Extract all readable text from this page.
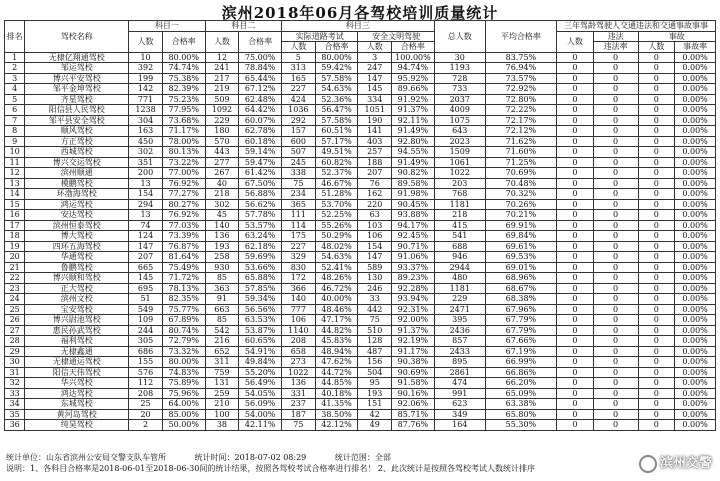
滨州2018年06月各驾校培训质量统计
排名	驾校名称	科目一		科目二		科目三				总人数	平均合格率	三年驾龄驾驶人交通违法和交通事故事事			
		人数	合格率	人数	合格率	实际道路考试		安全文明驾驶				人数	违法	事故	
						人数	合格率	人数	合格率				违法率	人数	事故率
1	无棣亿翔通驾校	10	80.00%	12	75.00%	5	80.00%	3	100.00%	30	83.75%	0	0	0	0.00%
2	邹运驾校	392	74.74%	241	78.84%	313	59.42%	247	94.74%	1193	76.94%	0	0	0	0.00%
3	博兴平安驾校	199	75.38%	217	65.44%	165	57.58%	147	95.92%	728	73.57%	0	0	0	0.00%
4	邹平金坤驾校	142	82.39%	219	67.12%	227	54.63%	145	89.66%	733	72.92%	0	0	0	0.00%
5	齐星驾校	771	75.23%	509	62.48%	424	52.36%	334	91.92%	2037	72.80%	0	0	0	0.00%
6	阳信县人民驾校	1238	77.95%	1092	64.42%	1036	56.47%	1051	91.37%	4009	72.22%	0	0	0	0.00%
7	邹平县安全驾校	304	73.68%	229	60.07%	292	57.58%	190	92.11%	1075	72.17%	0	0	0	0.00%
8	顺风驾校	163	71.17%	180	62.78%	157	60.51%	141	91.49%	643	72.12%	0	0	0	0.00%
9	方正驾校	450	78.00%	570	60.18%	600	57.17%	403	92.80%	2023	71.62%	0	0	0	0.00%
10	西城驾校	302	80.13%	443	59.14%	507	49.51%	257	94.55%	1509	71.60%	0	0	0	0.00%
11	博兴交运驾校	351	73.22%	277	59.47%	245	60.82%	188	91.49%	1061	71.25%	0	0	0	0.00%
12	滨州顺通	200	77.00%	267	61.42%	338	52.37%	207	90.82%	1022	70.69%	0	0	0	0.00%
13	模鹏驾校	13	76.92%	40	67.50%	75	46.67%	76	89.58%	203	70.48%	0	0	0	0.00%
14	环渤海驾校	154	77.27%	218	56.88%	234	51.28%	162	91.98%	768	70.32%	0	0	0	0.00%
15	鸿运驾校	294	80.27%	302	56.62%	365	53.70%	220	90.45%	1181	70.26%	0	0	0	0.00%
16	安达驾校	13	76.92%	45	57.78%	111	52.25%	63	93.88%	218	70.21%	0	0	0	0.00%
17	滨州恒泰驾校	74	77.03%	140	53.57%	114	55.26%	103	94.17%	415	69.91%	0	0	0	0.00%
18	博大驾校	124	73.39%	136	63.24%	175	50.29%	106	92.45%	541	69.84%	0	0	0	0.00%
19	四环五海驾校	147	76.87%	193	62.18%	227	48.02%	154	90.71%	688	69.61%	0	0	0	0.00%
20	华通驾校	207	81.64%	258	59.69%	329	54.63%	147	91.06%	946	69.53%	0	0	0	0.00%
21	鲁鹏驾校	665	75.49%	930	53.66%	830	52.41%	589	93.37%	2944	69.01%	0	0	0	0.00%
22	博兴顺和驾校	145	71.72%	85	65.88%	172	48.26%	130	89.23%	480	68.96%	0	0	0	0.00%
23	正大驾校	695	78.13%	363	57.85%	366	46.72%	246	92.28%	1181	68.67%	0	0	0	0.00%
24	滨州文校	51	82.35%	91	59.34%	140	40.00%	33	93.94%	229	68.38%	0	0	0	0.00%
25	宝安驾校	549	75.77%	663	56.56%	777	48.46%	442	92.31%	2471	67.96%	0	0	0	0.00%
26	博兴尉池驾校	109	67.89%	85	63.53%	106	47.17%	75	92.00%	395	67.79%	0	0	0	0.00%
27	惠民孙武驾校	244	80.74%	542	53.87%	1140	44.82%	510	91.37%	2436	67.79%	0	0	0	0.00%
28	福利驾校	305	72.79%	216	60.65%	208	45.83%	128	92.19%	857	67.66%	0	0	0	0.00%
29	无棣鑫通	686	73.32%	652	54.91%	658	48.94%	487	91.17%	2433	67.19%	0	0	0	0.00%
30	无棣通运驾校	155	80.00%	311	49.84%	273	47.62%	156	90.38%	895	66.99%	0	0	0	0.00%
31	阳信天伟驾校	576	74.83%	759	55.20%	1022	44.72%	504	90.69%	2861	66.86%	0	0	0	0.00%
32	华兴驾校	112	75.89%	131	56.49%	136	44.85%	95	91.58%	474	66.20%	0	0	0	0.00%
33	鸿达驾校	208	75.96%	259	54.05%	331	40.18%	193	90.16%	991	65.09%	0	0	0	0.00%
34	东城驾校	25	64.00%	210	56.09%	237	41.35%	151	92.06%	623	63.38%	0	0	0	0.00%
35	黄河岛驾校	20	85.00%	100	54.00%	187	38.50%	42	85.71%	349	65.80%	0	0	0	0.00%
36	纯昊驾校	2	50.00%	38	42.11%	75	42.12%	49	87.76%	164	55.30%	0	0	0	0.00%
统计单位：山东省滨州公安局交警支队车管所	统计时间：2018-07-02 08:29	统计范围：全部
说明：1、各科目合格率是2018-06-01至2018-06-30间的统计结果，按照各驾校考试合格率进行排名！ 2、此次统计是按照各驾校考试人数统计排序	滨州交警
